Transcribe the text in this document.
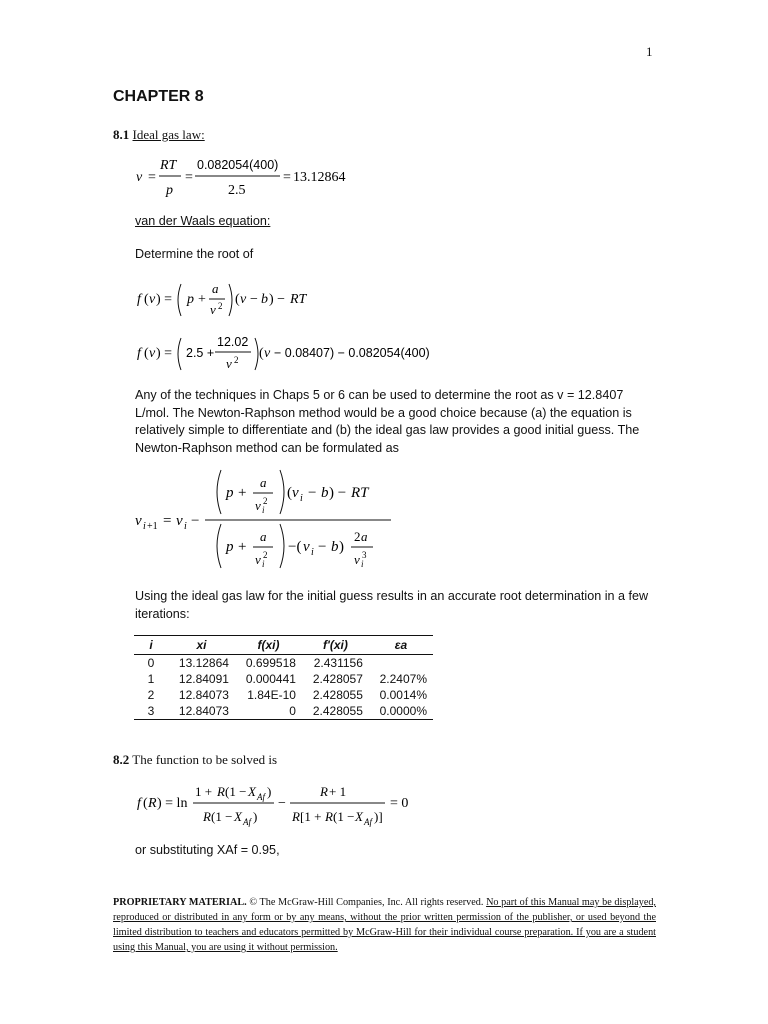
1
CHAPTER 8
8.1 Ideal gas law:
v =
RT
p
=
0.082054(400)
2.5
= 13.12864
van der Waals equation:
Determine the root of
f ( v ) = p +
a
v 2 ( v − b ) − RT
f ( v ) = 2.5 +
12.02
v 2 ( v − 0.08407) − 0.082054(400)
Any of the techniques in Chaps 5 or 6 can be used to determine the root as v = 12.8407 L/mol. The Newton-Raphson method would be a good choice because (a) the equation is relatively simple to differentiate and (b) the ideal gas law provides a good initial guess. The Newton-Raphson method can be formulated as
v i +1 = v i −
p +
a
v 2
i
( v i − b ) − RT
p +
a
v 2
i
−( v i − b )
2 a
v 3
i
Using the ideal gas law for the initial guess results in an accurate root determination in a few iterations:
i	xi	f(xi)	f'(xi)	εa
0	13.12864	0.699518	2.431156	
1	12.84091	0.000441	2.428057	2.2407%
2	12.84073	1.84E-10	2.428055	0.0014%
3	12.84073	0	2.428055	0.0000%
8.2 The function to be solved is
f ( R ) = ln
1 + R (1 − X Af )
R (1 − X Af )
−
R + 1
R [1 + R (1 − X Af )]
= 0
or substituting XAf = 0.95,
PROPRIETARY MATERIAL. © The McGraw-Hill Companies, Inc. All rights reserved. No part of this Manual may be displayed, reproduced or distributed in any form or by any means, without the prior written permission of the publisher, or used beyond the limited distribution to teachers and educators permitted by McGraw-Hill for their individual course preparation. If you are a student using this Manual, you are using it without permission.
